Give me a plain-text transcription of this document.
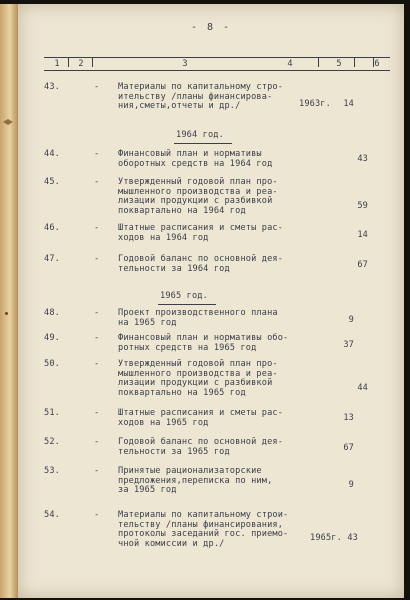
- 8 -
1	2	3	4	5	6
43.	- Материалы по капитальному стро-
ительству /планы финансирова-
ния,сметы,отчеты и др./	1963г.	14
1964 год.
44.	- Финансовый план и нормативы
оборотных средств на 1964 год	43
45.	- Утвержденный годовой план про-
мышленного производства и реа-
лизации продукции с разбивкой
поквартально на 1964 год	59
46.	- Штатные расписания и сметы рас-
ходов на 1964 год	14
47.	- Годовой баланс по основной дея-
тельности за 1964 год	67
1965 год.
48.	- Проект производственного плана
на 1965 год	9
49.	- Финансовый план и нормативы обо-
ротных средств на 1965 год	37
50.	- Утвержденный годовой план про-
мышленного производства и реа-
лизации продукции с разбивкой
поквартально на 1965 год	44
51.	- Штатные расписания и сметы рас-
ходов на 1965 год	13
52.	- Годовой баланс по основной дея-
тельности за 1965 год	67
53.	- Принятые рационализаторские
предложения,переписка по ним,
за 1965 год	9
54.	- Материалы по капитальному строи-
тельству /планы финансирования,
протоколы заседаний гос. приемо-
чной комиссии и др./
1965г. 43
